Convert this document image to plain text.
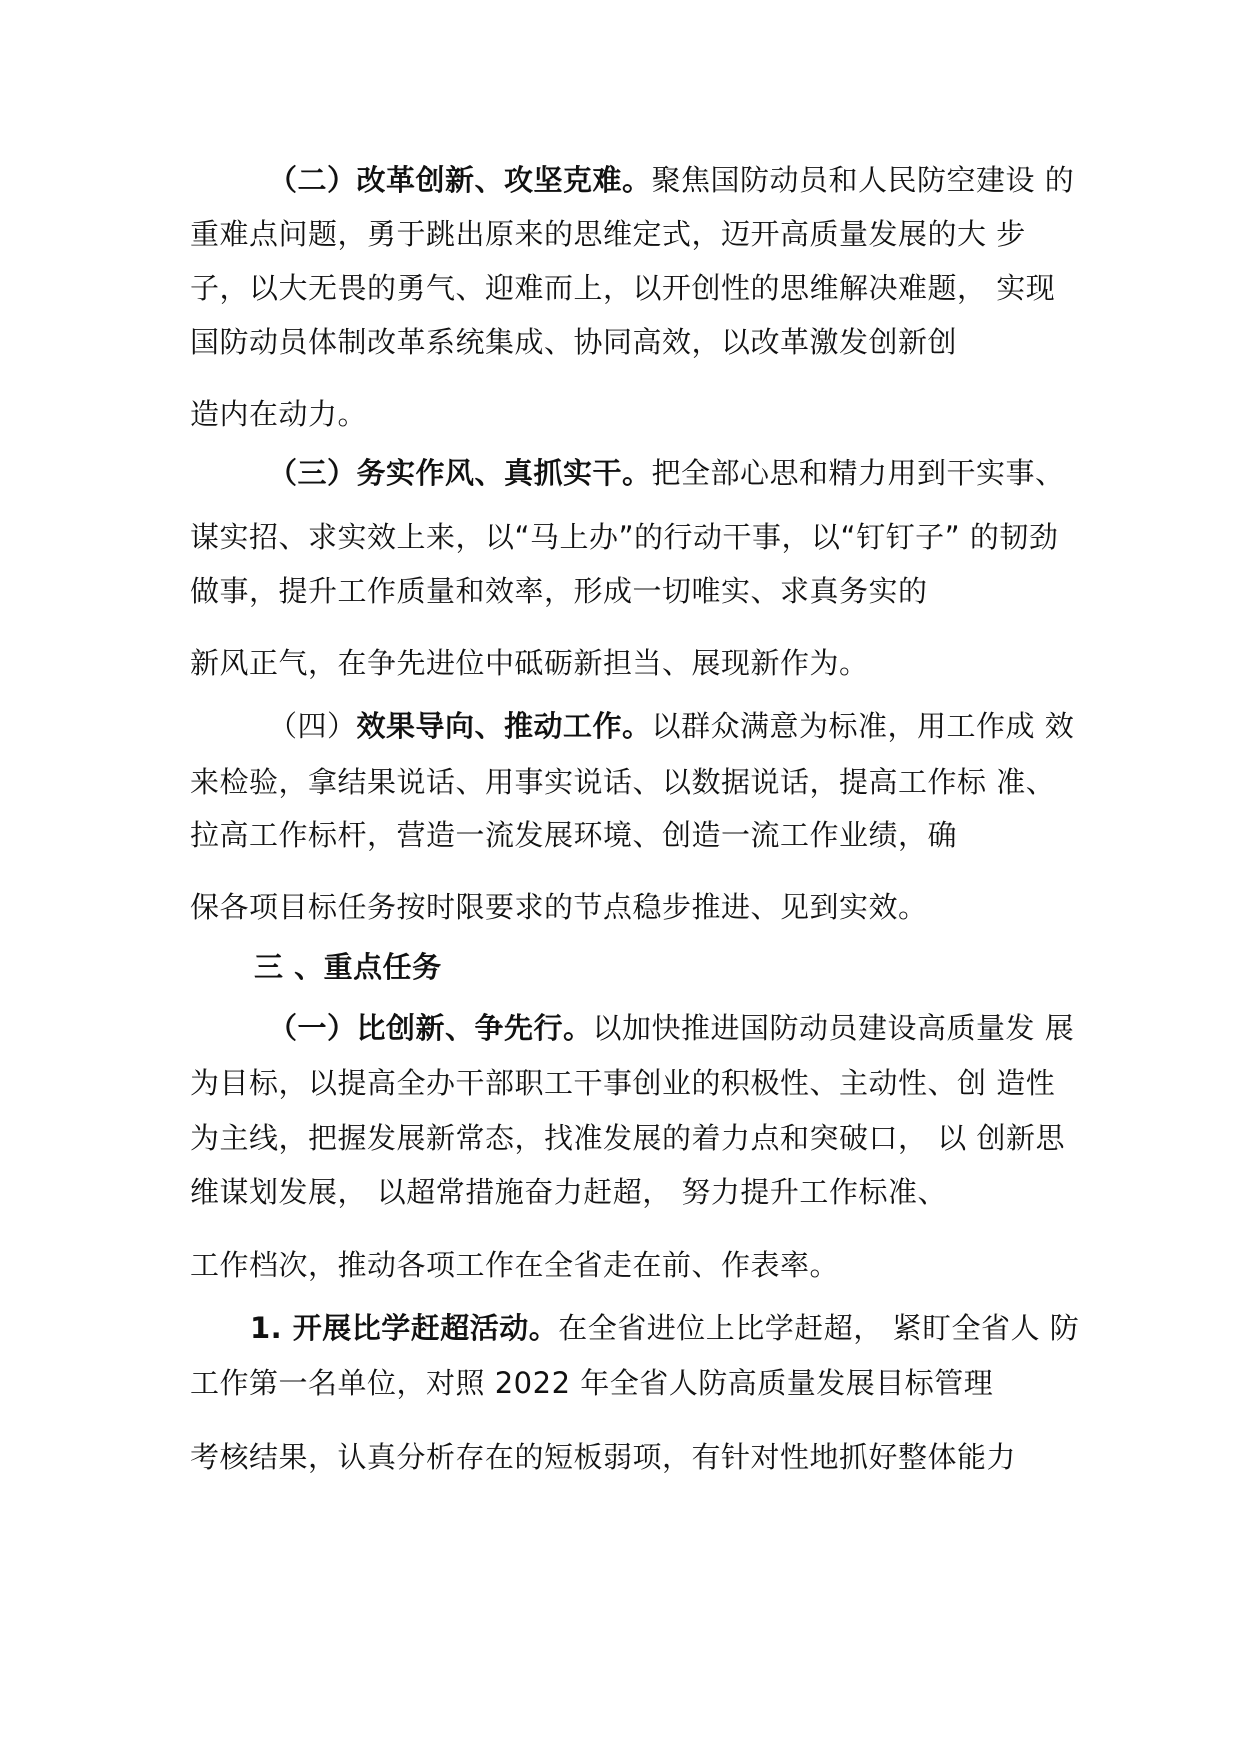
（二）改革创新、攻坚克难。聚焦国防动员和人民防空建设 的
重难点问题，勇于跳出原来的思维定式，迈开高质量发展的大 步
子，以大无畏的勇气、迎难而上，以开创性的思维解决难题， 实现
国防动员体制改革系统集成、协同高效，以改革激发创新创
造内在动力。
（三）务实作风、真抓实干。把全部心思和精力用到干实事、
谋实招、求实效上来，以“马上办”的行动干事，以“钉钉子” 的韧劲
做事，提升工作质量和效率，形成一切唯实、求真务实的
新风正气，在争先进位中砥砺新担当、展现新作为。
（四）效果导向、推动工作。以群众满意为标准，用工作成 效
来检验，拿结果说话、用事实说话、以数据说话，提高工作标 准、
拉高工作标杆，营造一流发展环境、创造一流工作业绩，确
保各项目标任务按时限要求的节点稳步推进、见到实效。
三 、重点任务
（一）比创新、争先行。以加快推进国防动员建设高质量发 展
为目标，以提高全办干部职工干事创业的积极性、主动性、创 造性
为主线，把握发展新常态，找准发展的着力点和突破口， 以 创新思
维谋划发展， 以超常措施奋力赶超， 努力提升工作标准、
工作档次，推动各项工作在全省走在前、作表率。
1. 开展比学赶超活动。在全省进位上比学赶超， 紧盯全省人 防
工作第一名单位，对照 2022 年全省人防高质量发展目标管理
考核结果，认真分析存在的短板弱项，有针对性地抓好整体能力
